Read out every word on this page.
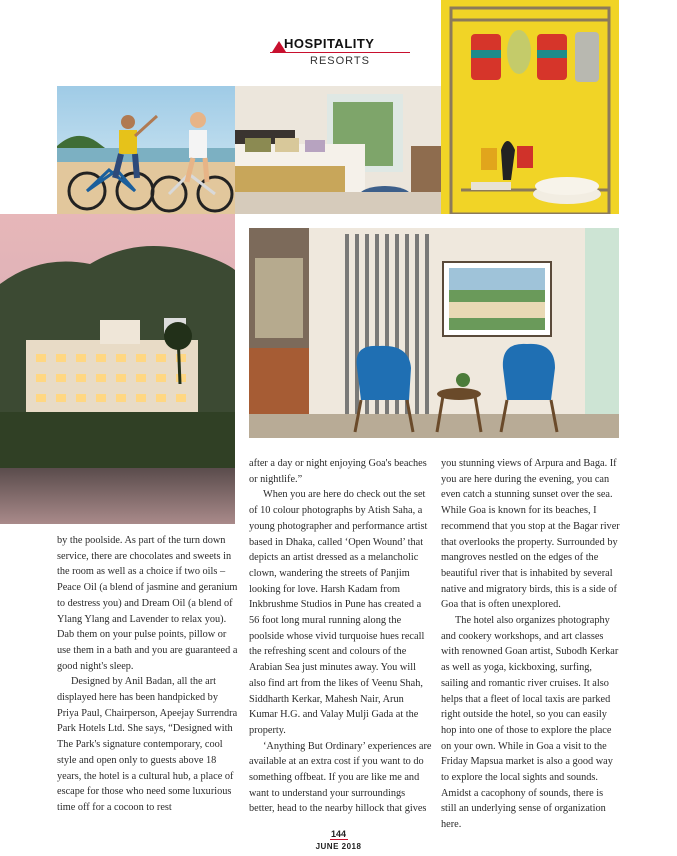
HOSPITALITY
RESORTS

by the poolside. As part of the turn down service, there are chocolates and sweets in the room as well as a choice if two oils – Peace Oil (a blend of jasmine and geranium to destress you) and Dream Oil (a blend of Ylang Ylang and Lavender to relax you). Dab them on your pulse points, pillow or use them in a bath and you are guaranteed a good night's sleep.

Designed by Anil Badan, all the art displayed here has been handpicked by Priya Paul, Chairperson, Apeejay Surrendra Park Hotels Ltd. She says, “Designed with The Park's signature contemporary, cool style and open only to guests above 18 years, the hotel is a cultural hub, a place of escape for those who need some luxurious time off for a cocoon to rest

after a day or night enjoying Goa's beaches or nightlife.”

When you are here do check out the set of 10 colour photographs by Atish Saha, a young photographer and performance artist based in Dhaka, called ‘Open Wound’ that depicts an artist dressed as a melancholic clown, wandering the streets of Panjim looking for love. Harsh Kadam from Inkbrushme Studios in Pune has created a 56 foot long mural running along the poolside whose vivid turquoise hues recall the refreshing scent and colours of the Arabian Sea just minutes away. You will also find art from the likes of Veenu Shah, Siddharth Kerkar, Mahesh Nair, Arun Kumar H.G. and Valay Mulji Gada at the property.

‘Anything But Ordinary’ experiences are available at an extra cost if you want to do something offbeat. If you are like me and want to understand your surroundings better, head to the nearby hillock that gives

you stunning views of Arpura and Baga. If you are here during the evening, you can even catch a stunning sunset over the sea. While Goa is known for its beaches, I recommend that you stop at the Bagar river that overlooks the property. Surrounded by mangroves nestled on the edges of the beautiful river that is inhabited by several native and migratory birds, this is a side of Goa that is often unexplored.

The hotel also organizes photography and cookery workshops, and art classes with renowned Goan artist, Subodh Kerkar as well as yoga, kickboxing, surfing, sailing and romantic river cruises. It also helps that a fleet of local taxis are parked right outside the hotel, so you can easily hop into one of those to explore the place on your own. While in Goa a visit to the Friday Mapsua market is also a good way to explore the local sights and sounds. Amidst a cacophony of sounds, there is still an underlying sense of organization here.

144
JUNE 2018
